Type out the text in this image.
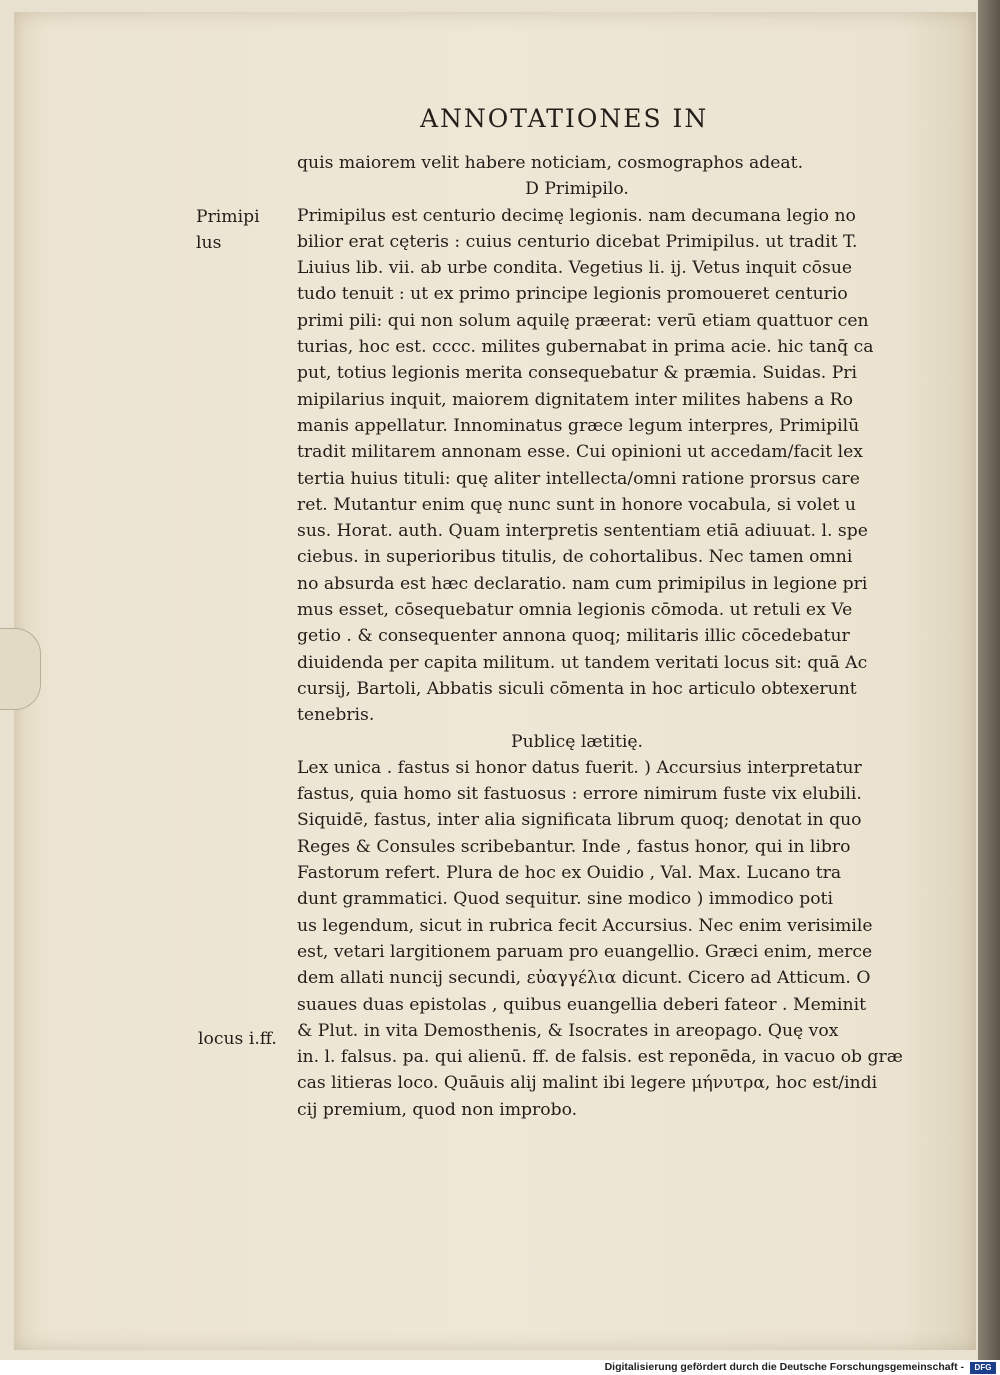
ANNOTATIONES IN
Primipi
lus
locus i.ff.
quis maiorem velit habere noticiam, cosmographos adeat.
D Primipilo.
Primipilus est centurio decimę legionis. nam decumana legio no
bilior erat cęteris : cuius centurio dicebat Primipilus. ut tradit T.
Liuius lib. vii. ab urbe condita. Vegetius li. ij. Vetus inquit cōsue
tudo tenuit : ut ex primo principe legionis promoueret centurio
primi pili: qui non solum aquilę præerat: verū etiam quattuor cen
turias, hoc est. cccc. milites gubernabat in prima acie. hic tanq̄ ca
put, totius legionis merita consequebatur & præmia. Suidas. Pri
mipilarius inquit, maiorem dignitatem inter milites habens a Ro
manis appellatur. Innominatus græce legum interpres, Primipilū
tradit militarem annonam esse. Cui opinioni ut accedam/facit lex
tertia huius tituli: quę aliter intellecta/omni ratione prorsus care
ret. Mutantur enim quę nunc sunt in honore vocabula, si volet u
sus. Horat. auth. Quam interpretis sententiam etiā adiuuat. l. spe
ciebus. in superioribus titulis, de cohortalibus. Nec tamen omni
no absurda est hæc declaratio. nam cum primipilus in legione pri
mus esset, cōsequebatur omnia legionis cōmoda. ut retuli ex Ve
getio . & consequenter annona quoq; militaris illic cōcedebatur
diuidenda per capita militum. ut tandem veritati locus sit: quā Ac
cursij, Bartoli, Abbatis siculi cōmenta in hoc articulo obtexerunt
tenebris.
Publicę lætitię.
Lex unica . fastus si honor datus fuerit. ) Accursius interpretatur
fastus, quia homo sit fastuosus : errore nimirum fuste vix elubili.
Siquidē, fastus, inter alia significata librum quoq; denotat in quo
Reges & Consules scribebantur. Inde , fastus honor, qui in libro
Fastorum refert. Plura de hoc ex Ouidio , Val. Max. Lucano tra
dunt grammatici. Quod sequitur. sine modico ) immodico poti
us legendum, sicut in rubrica fecit Accursius. Nec enim verisimile
est, vetari largitionem paruam pro euangellio. Græci enim, merce
dem allati nuncij secundi, εὐαγγέλια dicunt. Cicero ad Atticum. O
suaues duas epistolas , quibus euangellia deberi fateor . Meminit
& Plut. in vita Demosthenis, & Isocrates in areopago. Quę vox
in. l. falsus. pa. qui alienū. ff. de falsis. est reponēda, in vacuo ob græ
cas litieras loco. Quāuis alij malint ibi legere μήνυτρα, hoc est/indi
cij premium, quod non improbo.
Digitalisierung gefördert durch die Deutsche Forschungsgemeinschaft -	DFG
